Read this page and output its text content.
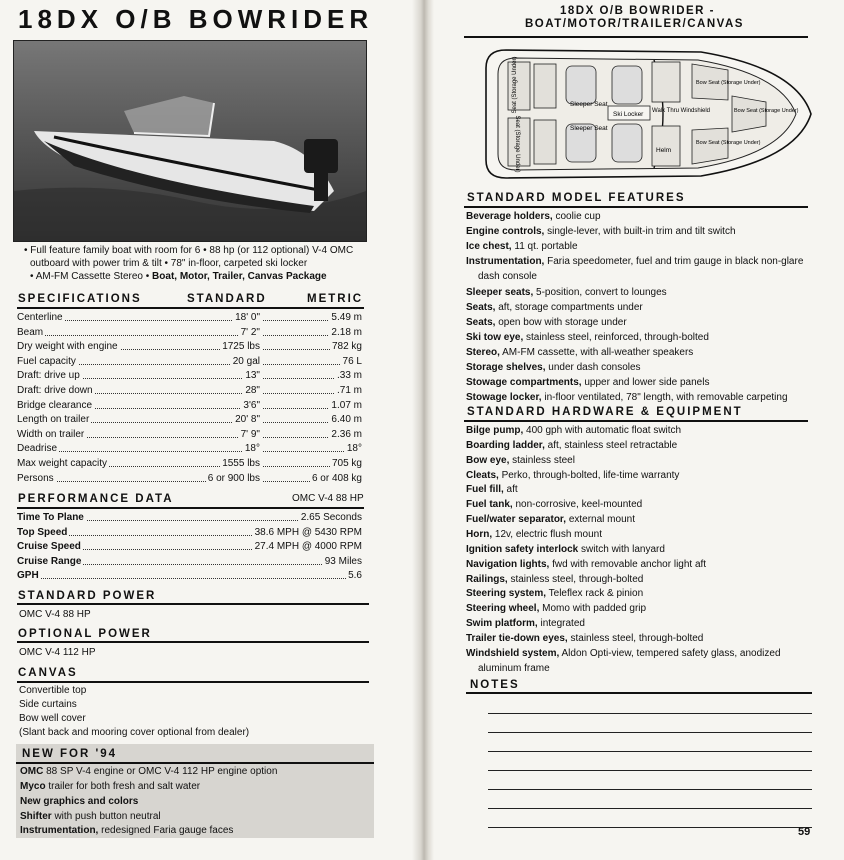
18DX O/B BOWRIDER
• Full feature family boat with room for 6 • 88 hp (or 112 optional) V-4 OMC
outboard with power trim & tilt • 78" in-floor, carpeted ski locker
• AM-FM Cassette Stereo • Boat, Motor, Trailer, Canvas Package
SPECIFICATIONS	STANDARD	METRIC
Centerline	18' 0"	5.49 m
Beam	7' 2"	2.18 m
Dry weight with engine	1725 lbs	782 kg
Fuel capacity	20 gal	76 L
Draft: drive up	13"	.33 m
Draft: drive down	28"	.71 m
Bridge clearance	3'6"	1.07 m
Length on trailer	20' 8"	6.40 m
Width on trailer	7' 9"	2.36 m
Deadrise	18°	18°
Max weight capacity	1555 lbs	705 kg
Persons	6 or 900 lbs	6 or 408 kg
PERFORMANCE DATA	OMC V-4 88 HP
Time To Plane	2.65 Seconds
Top Speed	38.6 MPH @ 5430 RPM
Cruise Speed	27.4 MPH @ 4000 RPM
Cruise Range	93 Miles
GPH	5.6
STANDARD POWER
OMC V-4 88 HP
OPTIONAL POWER
OMC V-4 112 HP
CANVAS
Convertible top
Side curtains
Bow well cover
(Slant back and mooring cover optional from dealer)
NEW FOR '94
OMC 88 SP V-4 engine or OMC V-4 112 HP engine option
Myco trailer for both fresh and salt water
New graphics and colors
Shifter with push button neutral
Instrumentation, redesigned Faria gauge faces
18DX O/B BOWRIDER -
BOAT/MOTOR/TRAILER/CANVAS
Seat (Storage Under)
Seat (Storage Under)
Sleeper Seat
Sleeper Seat
Ski Locker Walk Thru Windshield
Helm
Bow Seat (Storage Under)
Bow Seat (Storage Under)
Bow Seat (Storage Under)
STANDARD MODEL FEATURES
Beverage holders, coolie cup
Engine controls, single-lever, with built-in trim and tilt switch
Ice chest, 11 qt. portable
Instrumentation, Faria speedometer, fuel and trim gauge in black non-glare
dash console
Sleeper seats, 5-position, convert to lounges
Seats, aft, storage compartments under
Seats, open bow with storage under
Ski tow eye, stainless steel, reinforced, through-bolted
Stereo, AM-FM cassette, with all-weather speakers
Storage shelves, under dash consoles
Stowage compartments, upper and lower side panels
Stowage locker, in-floor ventilated, 78" length, with removable carpeting
STANDARD HARDWARE & EQUIPMENT
Bilge pump, 400 gph with automatic float switch
Boarding ladder, aft, stainless steel retractable
Bow eye, stainless steel
Cleats, Perko, through-bolted, life-time warranty
Fuel fill, aft
Fuel tank, non-corrosive, keel-mounted
Fuel/water separator, external mount
Horn, 12v, electric flush mount
Ignition safety interlock switch with lanyard
Navigation lights, fwd with removable anchor light aft
Railings, stainless steel, through-bolted
Steering system, Teleflex rack & pinion
Steering wheel, Momo with padded grip
Swim platform, integrated
Trailer tie-down eyes, stainless steel, through-bolted
Windshield system, Aldon Opti-view, tempered safety glass, anodized
aluminum frame
NOTES
59
